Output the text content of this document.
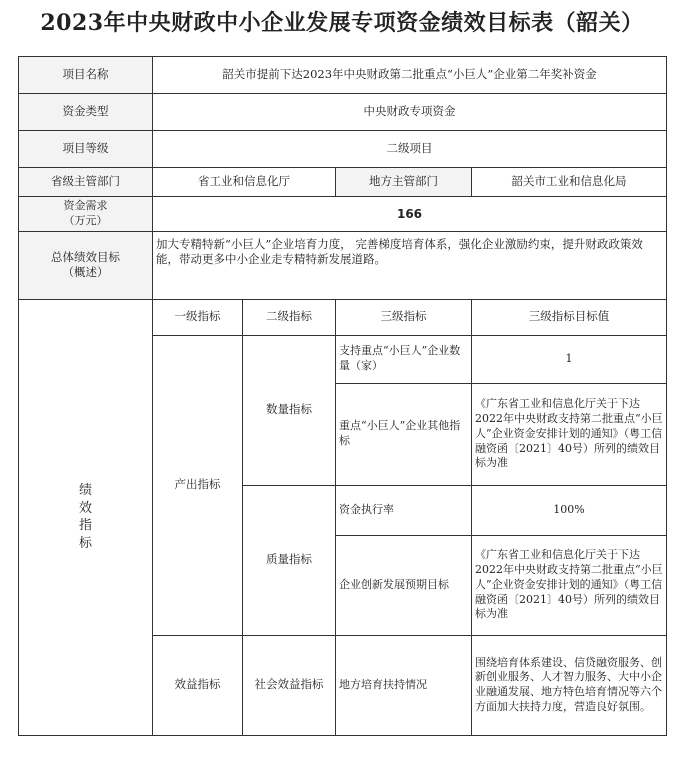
2023年中央财政中小企业发展专项资金绩效目标表（韶关）
项目名称	韶关市提前下达2023年中央财政第二批重点“小巨人”企业第二年奖补资金			
资金类型	中央财政专项资金			
项目等级	二级项目			
省级主管部门	省工业和信息化厅		地方主管部门	韶关市工业和信息化局

资金需求
（万元）	166			

总体绩效目标
（概述）	加大专精特新“小巨人”企业培育力度， 完善梯度培育体系，强化企业激励约束，提升财政政策效能，带动更多中小企业走专精特新发展道路。			

绩
效
指
标	一级指标	二级指标	三级指标	三级指标目标值
	产出指标	数量指标	支持重点“小巨人”企业数量（家）	1
			重点“小巨人”企业其他指标	《广东省工业和信息化厅关于下达2022年中央财政支持第二批重点“小巨人”企业资金安排计划的通知》（粤工信融资函〔2021〕40号）所列的绩效目标为准
		质量指标	资金执行率	100%
			企业创新发展预期目标	《广东省工业和信息化厅关于下达2022年中央财政支持第二批重点“小巨人”企业资金安排计划的通知》（粤工信融资函〔2021〕40号）所列的绩效目标为准
	效益指标	社会效益指标	地方培育扶持情况	围绕培育体系建设、信贷融资服务、创新创业服务、人才智力服务、大中小企业融通发展、地方特色培育情况等六个方面加大扶持力度，营造良好氛围。
